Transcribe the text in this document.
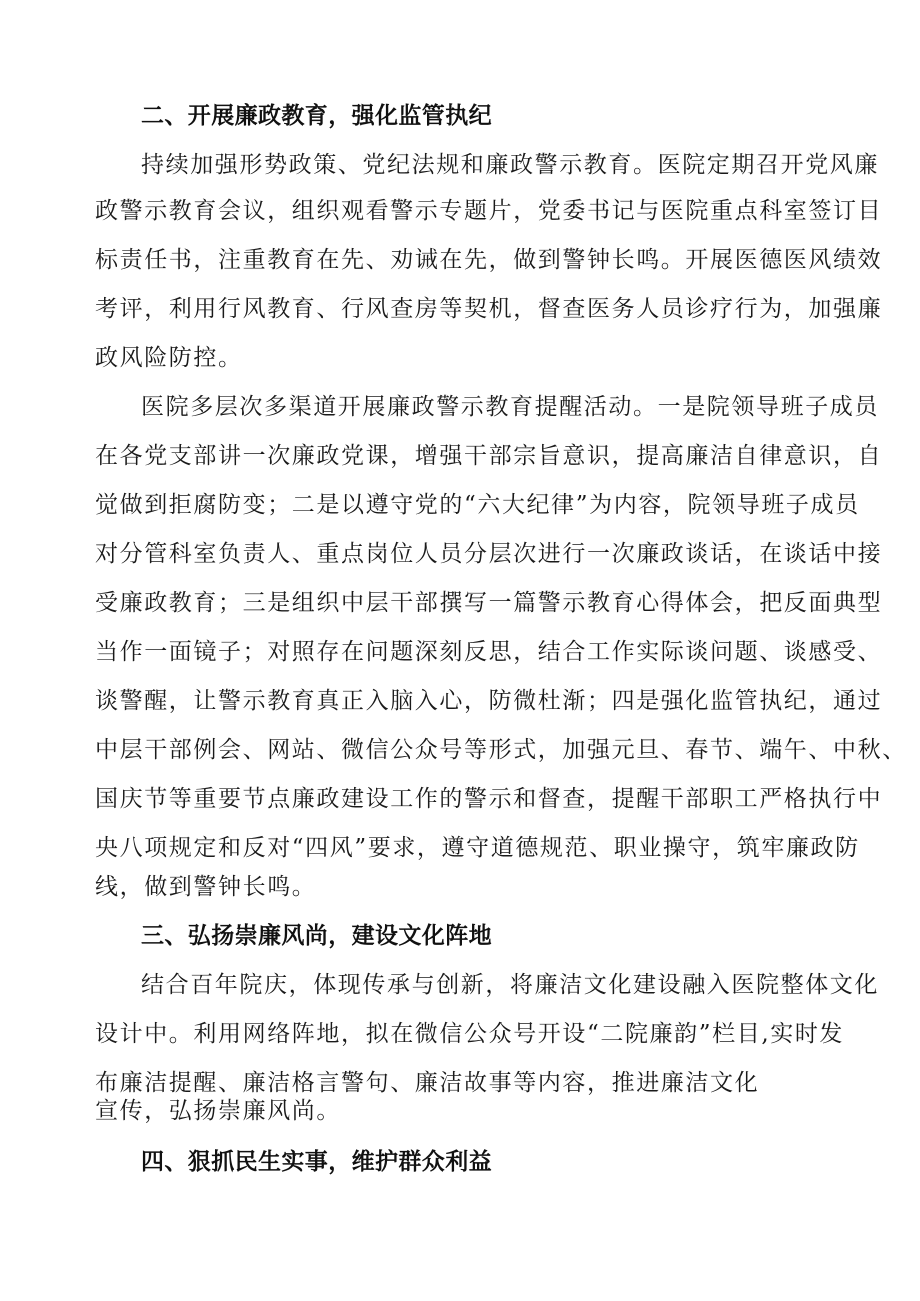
二、开展廉政教育，强化监管执纪
持续加强形势政策、党纪法规和廉政警示教育。医院定期召开党风廉
政警示教育会议，组织观看警示专题片，党委书记与医院重点科室签订目
标责任书，注重教育在先、劝诫在先，做到警钟长鸣。开展医德医风绩效
考评，利用行风教育、行风查房等契机，督查医务人员诊疗行为，加强廉
政风险防控。
医院多层次多渠道开展廉政警示教育提醒活动。一是院领导班子成员
在各党支部讲一次廉政党课，增强干部宗旨意识，提高廉洁自律意识，自
觉做到拒腐防变；二是以遵守党的“六大纪律”为内容，院领导班子成员
对分管科室负责人、重点岗位人员分层次进行一次廉政谈话，在谈话中接
受廉政教育；三是组织中层干部撰写一篇警示教育心得体会，把反面典型
当作一面镜子；对照存在问题深刻反思，结合工作实际谈问题、谈感受、
谈警醒，让警示教育真正入脑入心，防微杜渐；四是强化监管执纪，通过
中层干部例会、网站、微信公众号等形式，加强元旦、春节、端午、中秋、
国庆节等重要节点廉政建设工作的警示和督查，提醒干部职工严格执行中
央八项规定和反对“四风”要求，遵守道德规范、职业操守，筑牢廉政防
线，做到警钟长鸣。
三、弘扬崇廉风尚，建设文化阵地
结合百年院庆，体现传承与创新，将廉洁文化建设融入医院整体文化
设计中。利用网络阵地，拟在微信公众号开设“二院廉韵”栏目,实时发
布廉洁提醒、廉洁格言警句、廉洁故事等内容，推进廉洁文化
宣传，弘扬崇廉风尚。
四、狠抓民生实事，维护群众利益
